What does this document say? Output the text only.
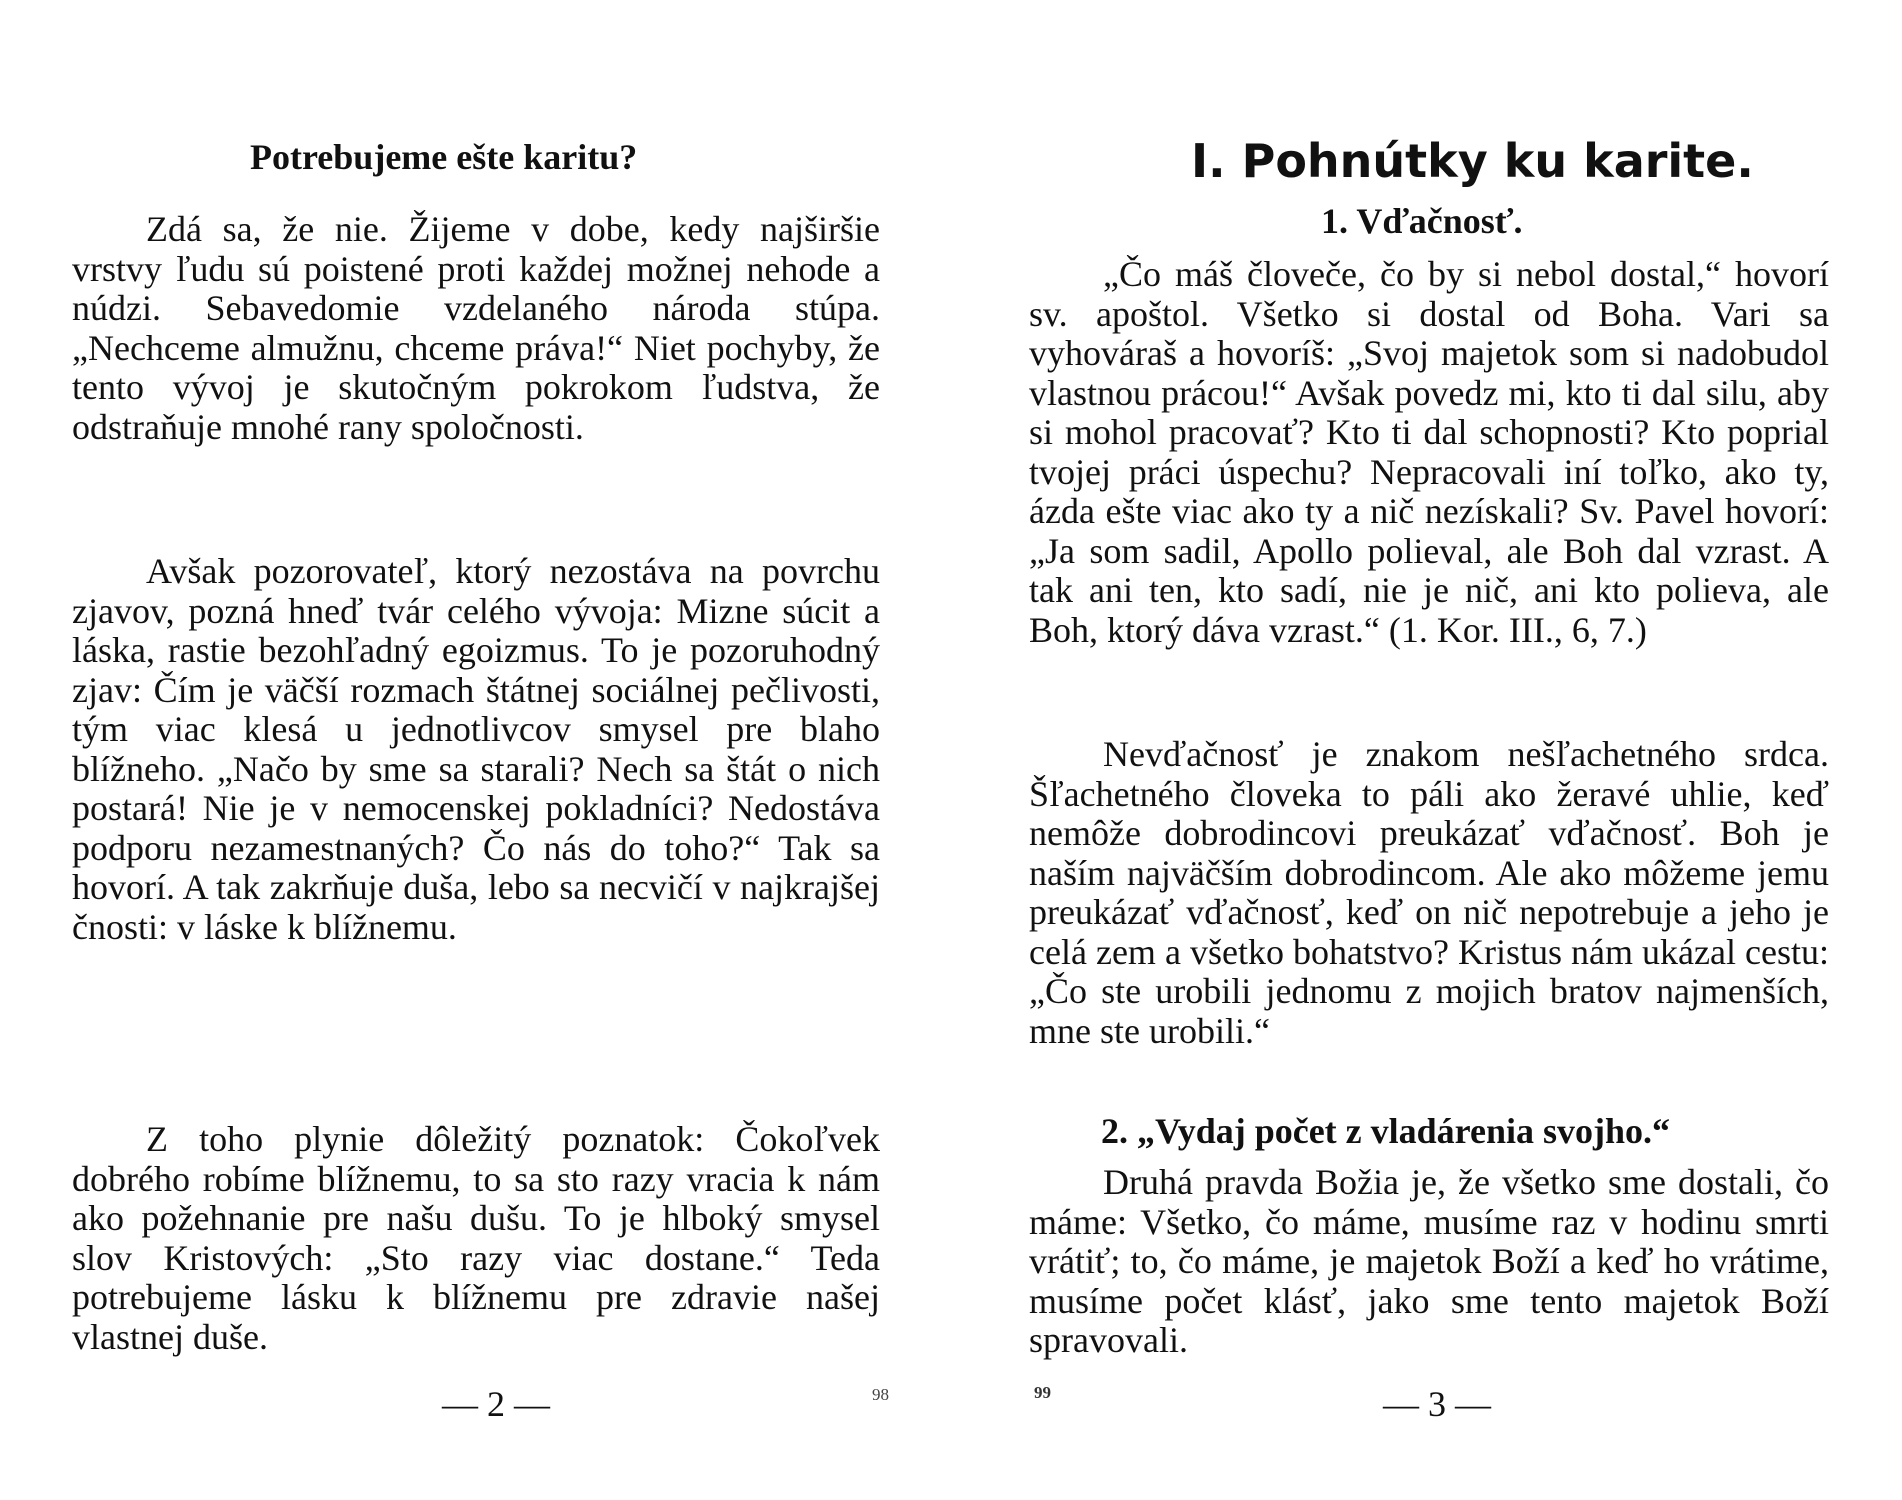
Potrebujeme ešte karitu?

Zdá sa, že nie. Žijeme v dobe, kedy najširšie vrstvy ľudu sú poistené proti každej možnej nehode a núdzi. Sebavedomie vzdelaného národa stúpa. „Nechceme almužnu, chceme práva!“ Niet pochyby, že tento vývoj je skutočným pokrokom ľudstva, že odstraňuje mnohé rany spoločnosti.

Avšak pozorovateľ, ktorý nezostáva na povrchu zjavov, pozná hneď tvár celého vývoja: Mizne súcit a láska, rastie bezohľadný egoizmus. To je pozoruhodný zjav: Čím je väčší rozmach štátnej sociálnej pečlivosti, tým viac klesá u jednotlivcov smysel pre blaho blížneho. „Načo by sme sa starali? Nech sa štát o nich postará! Nie je v nemocenskej pokladníci? Nedostáva podporu nezamestnaných? Čo nás do toho?“ Tak sa hovorí. A tak zakrňuje duša, lebo sa necvičí v najkrajšej čnosti: v láske k blížnemu.

Z toho plynie dôležitý poznatok: Čokoľvek dobrého robíme blížnemu, to sa sto razy vracia k nám ako požehnanie pre našu dušu. To je hlboký smysel slov Kristových: „Sto razy viac dostane.“ Teda potrebujeme lásku k blížnemu pre zdravie našej vlastnej duše.

— 2 —	98
I. Pohnútky ku karite.
1. Vďačnosť.

„Čo máš človeče, čo by si nebol dostal,“ hovorí sv. apoštol. Všetko si dostal od Boha. Vari sa vyhováraš a hovoríš: „Svoj majetok som si nadobudol vlastnou prácou!“ Avšak povedz mi, kto ti dal silu, aby si mohol pracovať? Kto ti dal schopnosti? Kto poprial tvojej práci úspechu? Nepracovali iní toľko, ako ty, ázda ešte viac ako ty a nič nezískali? Sv. Pavel hovorí: „Ja som sadil, Apollo polieval, ale Boh dal vzrast. A tak ani ten, kto sadí, nie je nič, ani kto polieva, ale Boh, ktorý dáva vzrast.“ (1. Kor. III., 6, 7.)

Nevďačnosť je znakom nešľachetného srdca. Šľachetného človeka to páli ako žeravé uhlie, keď nemôže dobrodincovi preukázať vďačnosť. Boh je naším najväčším dobrodincom. Ale ako môžeme jemu preukázať vďačnosť, keď on nič nepotrebuje a jeho je celá zem a všetko bohatstvo? Kristus nám ukázal cestu: „Čo ste urobili jednomu z mojich bratov najmenších, mne ste urobili.“

2. „Vydaj počet z vladárenia svojho.“

Druhá pravda Božia je, že všetko sme dostali, čo máme: Všetko, čo máme, musíme raz v hodinu smrti vrátiť; to, čo máme, je majetok Boží a keď ho vrátime, musíme počet klásť, jako sme tento majetok Boží spravovali.

99	— 3 —
